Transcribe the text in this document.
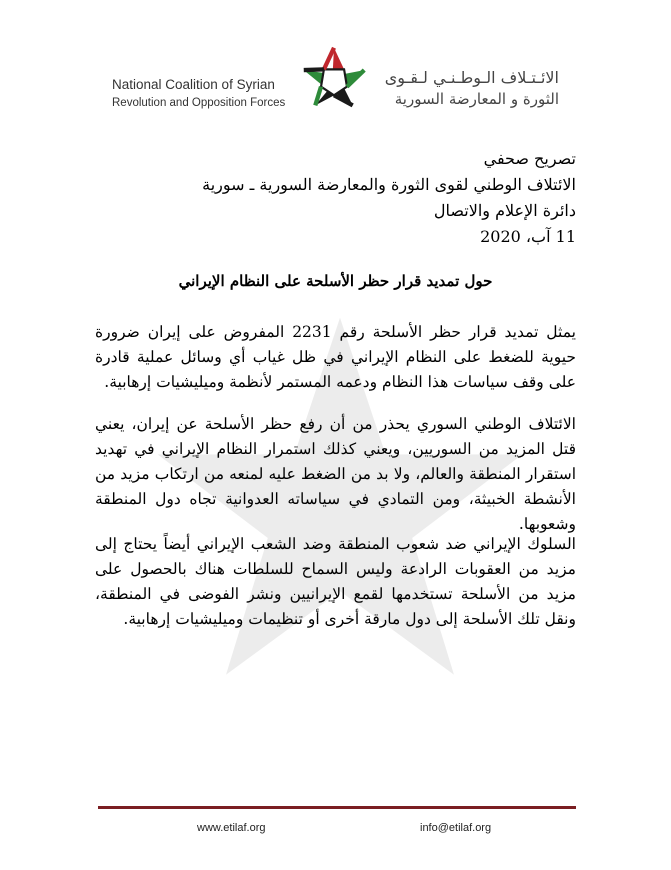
National Coalition of Syrian
Revolution and Opposition Forces
الائـتـلاف الـوطـنـي لـقـوى
الثورة و المعارضة السورية
تصريح صحفي
الائتلاف الوطني لقوى الثورة والمعارضة السورية ـ سورية
دائرة الإعلام والاتصال
11 آب، 2020
حول تمديد قرار حظر الأسلحة على النظام الإيراني

يمثل تمديد قرار حظر الأسلحة رقم 2231 المفروض على إيران ضرورة حيوية للضغط على النظام الإيراني في ظل غياب أي وسائل عملية قادرة على وقف سياسات هذا النظام ودعمه المستمر لأنظمة وميليشيات إرهابية.

الائتلاف الوطني السوري يحذر من أن رفع حظر الأسلحة عن إيران، يعني قتل المزيد من السوريين، ويعني كذلك استمرار النظام الإيراني في تهديد استقرار المنطقة والعالم، ولا بد من الضغط عليه لمنعه من ارتكاب مزيد من الأنشطة الخبيثة، ومن التمادي في سياساته العدوانية تجاه دول المنطقة وشعوبها.

السلوك الإيراني ضد شعوب المنطقة وضد الشعب الإيراني أيضاً يحتاج إلى مزيد من العقوبات الرادعة وليس السماح للسلطات هناك بالحصول على مزيد من الأسلحة تستخدمها لقمع الإيرانيين ونشر الفوضى في المنطقة، ونقل تلك الأسلحة إلى دول مارقة أخرى أو تنظيمات وميليشيات إرهابية.

www.etilaf.org	info@etilaf.org
